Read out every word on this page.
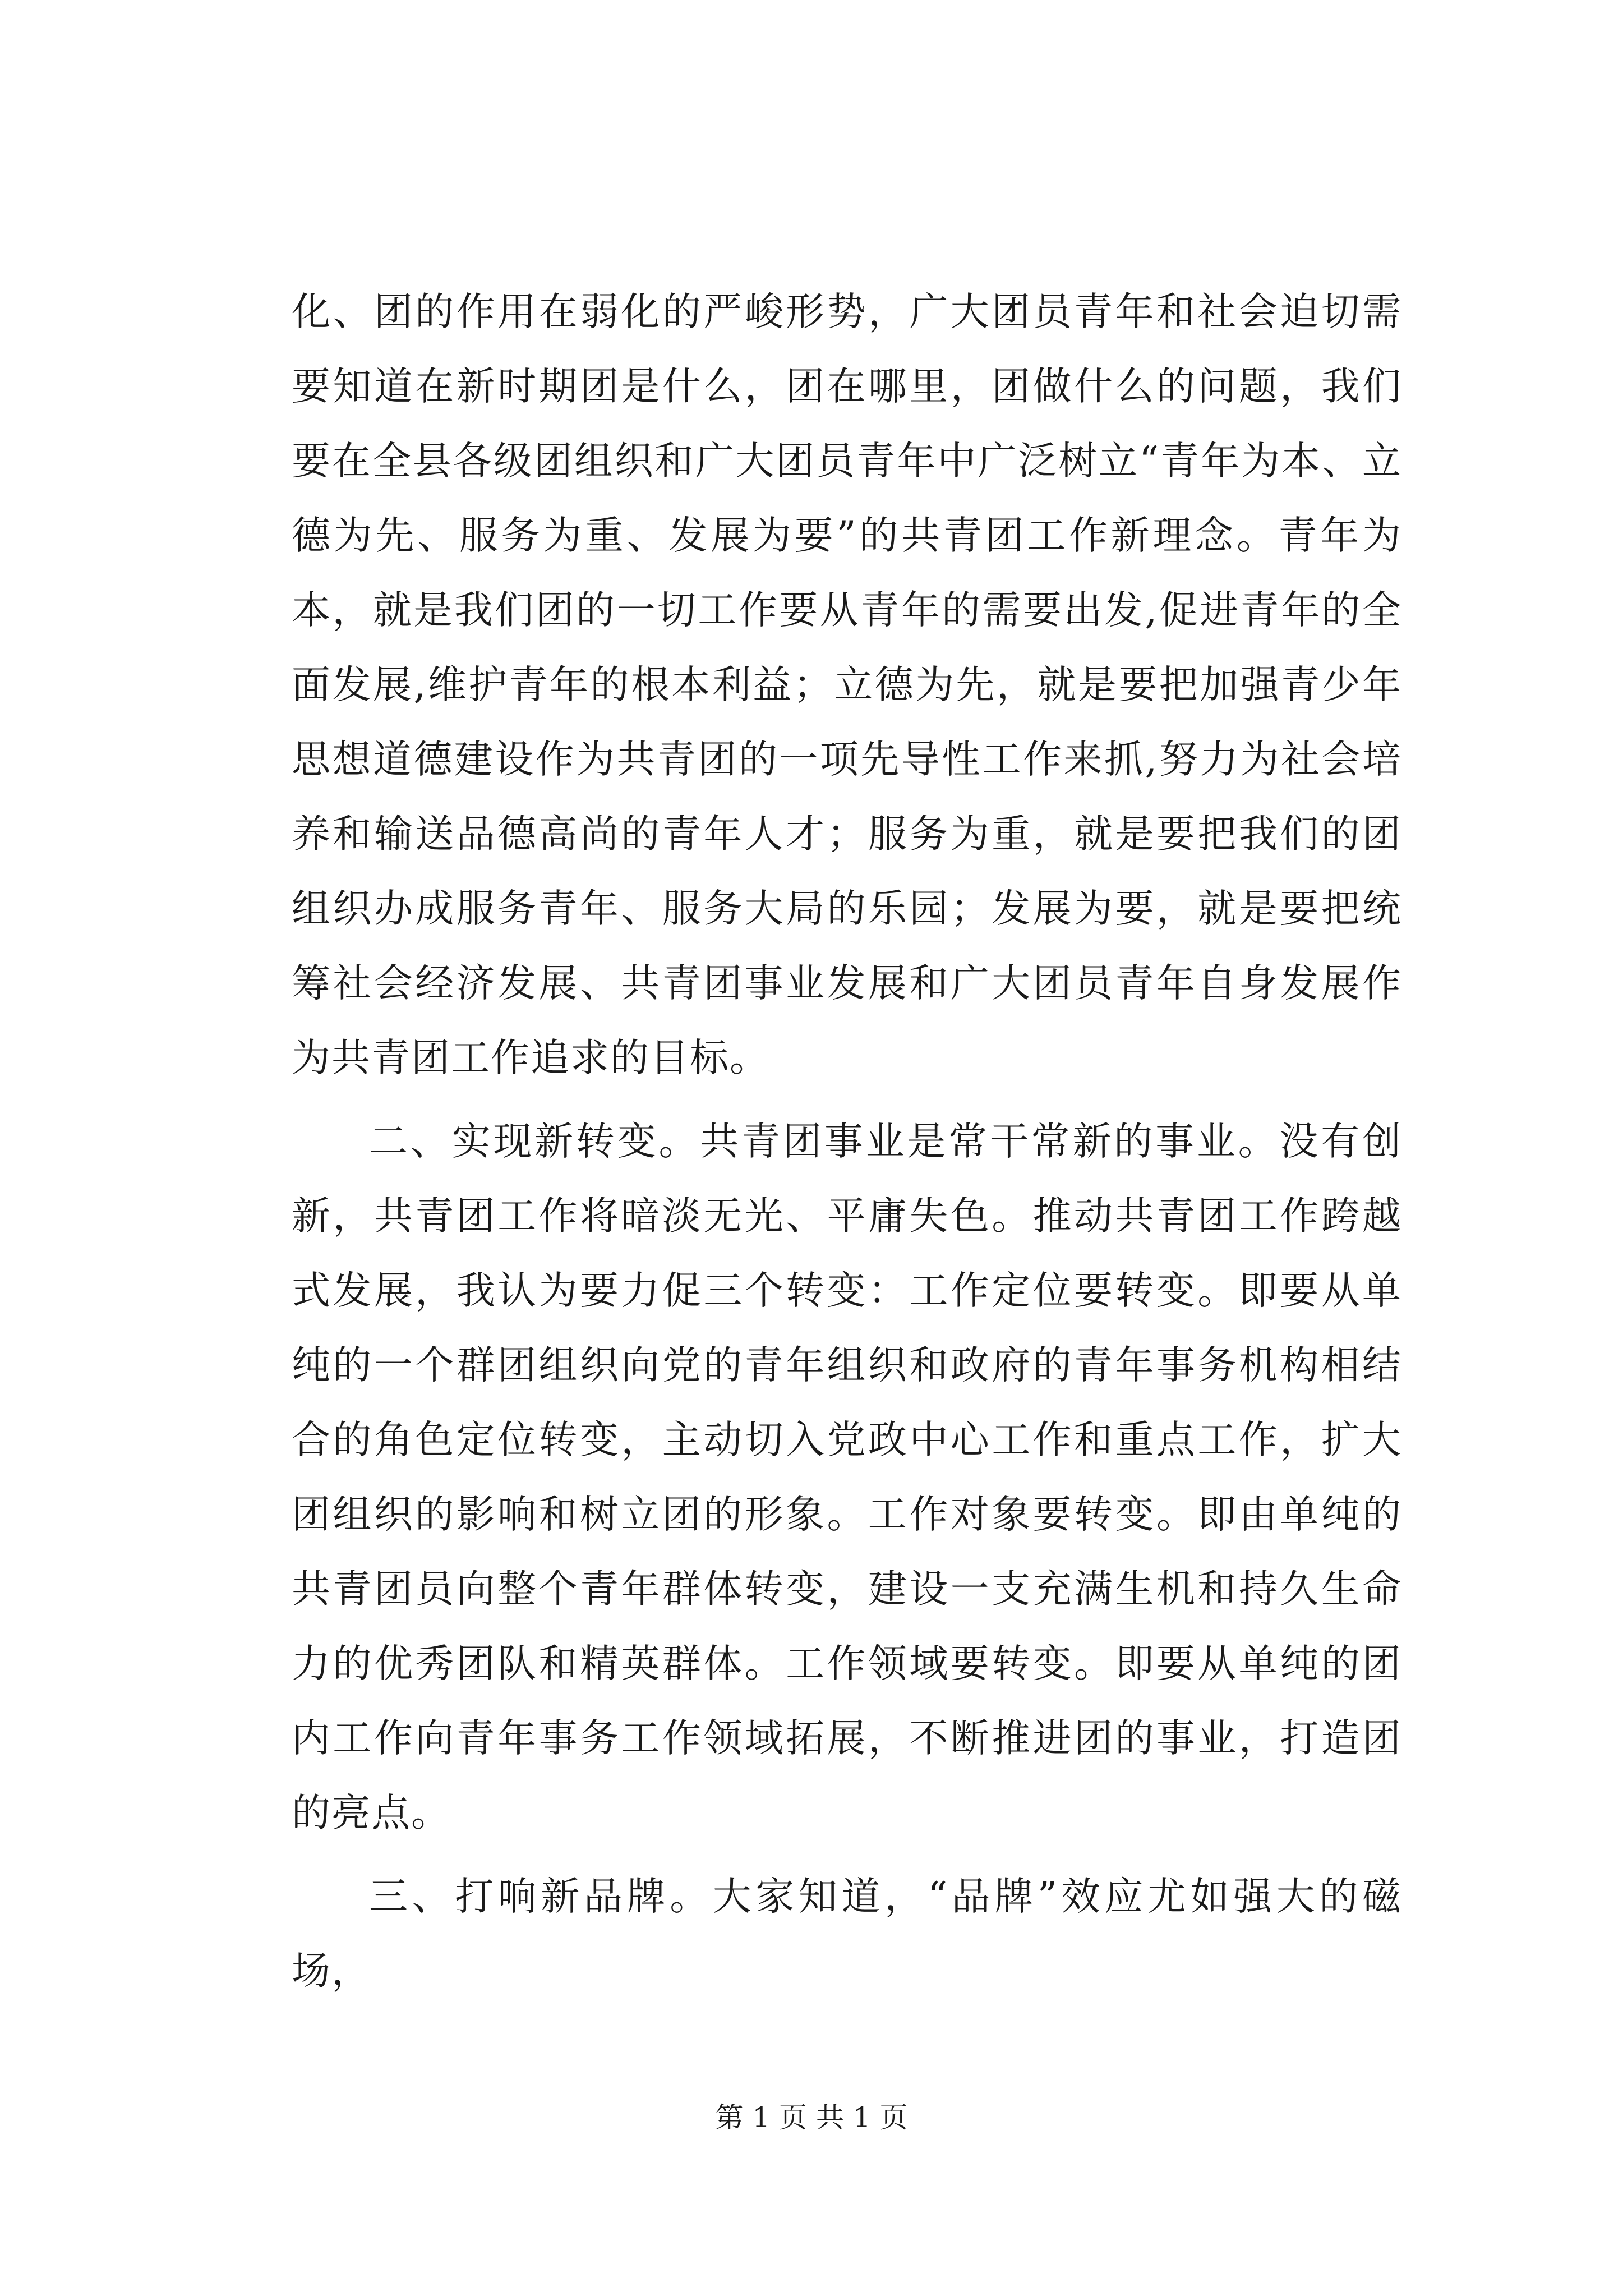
化、团的作用在弱化的严峻形势，广大团员青年和社会迫切需要知道在新时期团是什么，团在哪里，团做什么的问题，我们要在全县各级团组织和广大团员青年中广泛树立“青年为本、立德为先、服务为重、发展为要”的共青团工作新理念。青年为本，就是我们团的一切工作要从青年的需要出发,促进青年的全面发展,维护青年的根本利益；立德为先，就是要把加强青少年思想道德建设作为共青团的一项先导性工作来抓,努力为社会培养和输送品德高尚的青年人才；服务为重，就是要把我们的团组织办成服务青年、服务大局的乐园；发展为要，就是要把统筹社会经济发展、共青团事业发展和广大团员青年自身发展作为共青团工作追求的目标。

二、实现新转变。共青团事业是常干常新的事业。没有创新，共青团工作将暗淡无光、平庸失色。推动共青团工作跨越式发展，我认为要力促三个转变：工作定位要转变。即要从单纯的一个群团组织向党的青年组织和政府的青年事务机构相结合的角色定位转变，主动切入党政中心工作和重点工作，扩大团组织的影响和树立团的形象。工作对象要转变。即由单纯的共青团员向整个青年群体转变，建设一支充满生机和持久生命力的优秀团队和精英群体。工作领域要转变。即要从单纯的团内工作向青年事务工作领域拓展，不断推进团的事业，打造团的亮点。

三、打响新品牌。大家知道，“品牌”效应尤如强大的磁场，

第 1 页 共 1 页
